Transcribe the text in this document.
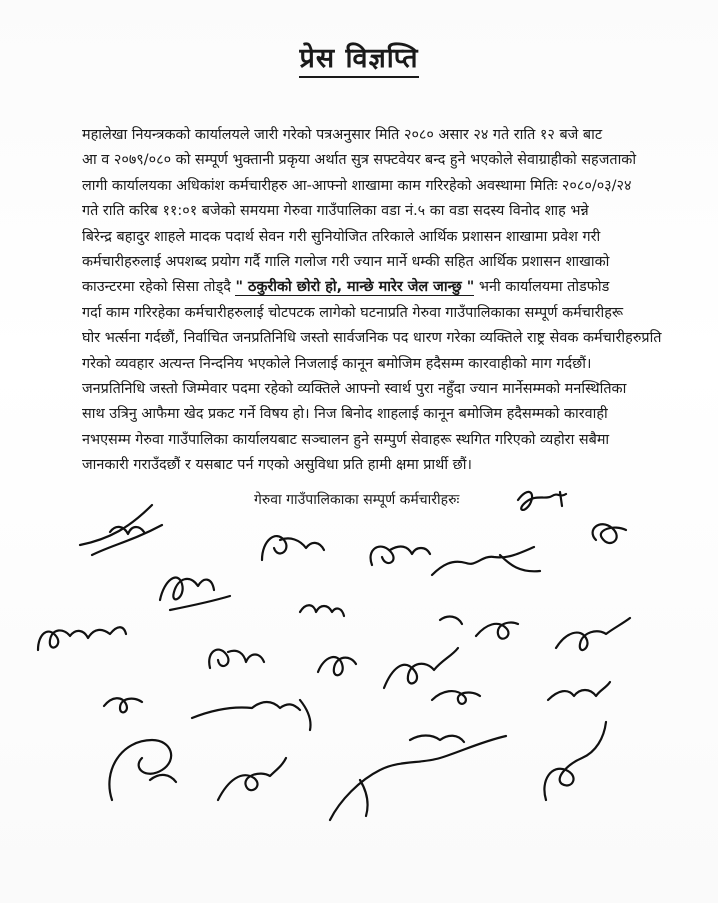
प्रेस विज्ञप्ति
महालेखा नियन्त्रकको कार्यालयले जारी गरेको पत्रअनुसार मिति २०८० असार २४ गते राति १२ बजे बाट
आ व २०७९/०८० को सम्पूर्ण भुक्तानी प्रकृया अर्थात सुत्र सफ्टवेयर बन्द हुने भएकोले सेवाग्राहीको सहजताको
लागी कार्यालयका अधिकांश कर्मचारीहरु आ-आफ्नो शाखामा काम गरिरहेको अवस्थामा मितिः २०८०/०३/२४
गते राति करिब ११:०१ बजेको समयमा गेरुवा गाउँपालिका वडा नं.५ का वडा सदस्य विनोद शाह भन्ने
बिरेन्द्र बहादुर शाहले मादक पदार्थ सेवन गरी सुनियोजित तरिकाले आर्थिक प्रशासन शाखामा प्रवेश गरी
कर्मचारीहरुलाई अपशब्द प्रयोग गर्दै गालि गलोज गरी ज्यान मार्ने धम्की सहित आर्थिक प्रशासन शाखाको
काउन्टरमा रहेको सिसा तोड्दै " ठकुरीको छोरो हो, मान्छे मारेर जेल जान्छु " भनी कार्यालयमा तोडफोड
गर्दा काम गरिरहेका कर्मचारीहरुलाई चोटपटक लागेको घटनाप्रति गेरुवा गाउँपालिकाका सम्पूर्ण कर्मचारीहरू
घोर भर्त्सना गर्दछौं, निर्वाचित जनप्रतिनिधि जस्तो सार्वजनिक पद धारण गरेका व्यक्तिले राष्ट्र सेवक कर्मचारीहरुप्रति
गरेको व्यवहार अत्यन्त निन्दनिय भएकोले निजलाई कानून बमोजिम हदैसम्म कारवाहीको माग गर्दछौं।
जनप्रतिनिधि जस्तो जिम्मेवार पदमा रहेको व्यक्तिले आफ्नो स्वार्थ पुरा नहुँदा ज्यान मार्नेसम्मको मनस्थितिका
साथ उत्रिनु आफैमा खेद प्रकट गर्ने विषय हो। निज बिनोद शाहलाई कानून बमोजिम हदैसम्मको कारवाही
नभएसम्म गेरुवा गाउँपालिका कार्यालयबाट सञ्चालन हुने सम्पुर्ण सेवाहरू स्थगित गरिएको व्यहोरा सबैमा
जानकारी गराउँदछौं र यसबाट पर्न गएको असुविधा प्रति हामी क्षमा प्रार्थी छौं।
गेरुवा गाउँपालिकाका सम्पूर्ण कर्मचारीहरुः
